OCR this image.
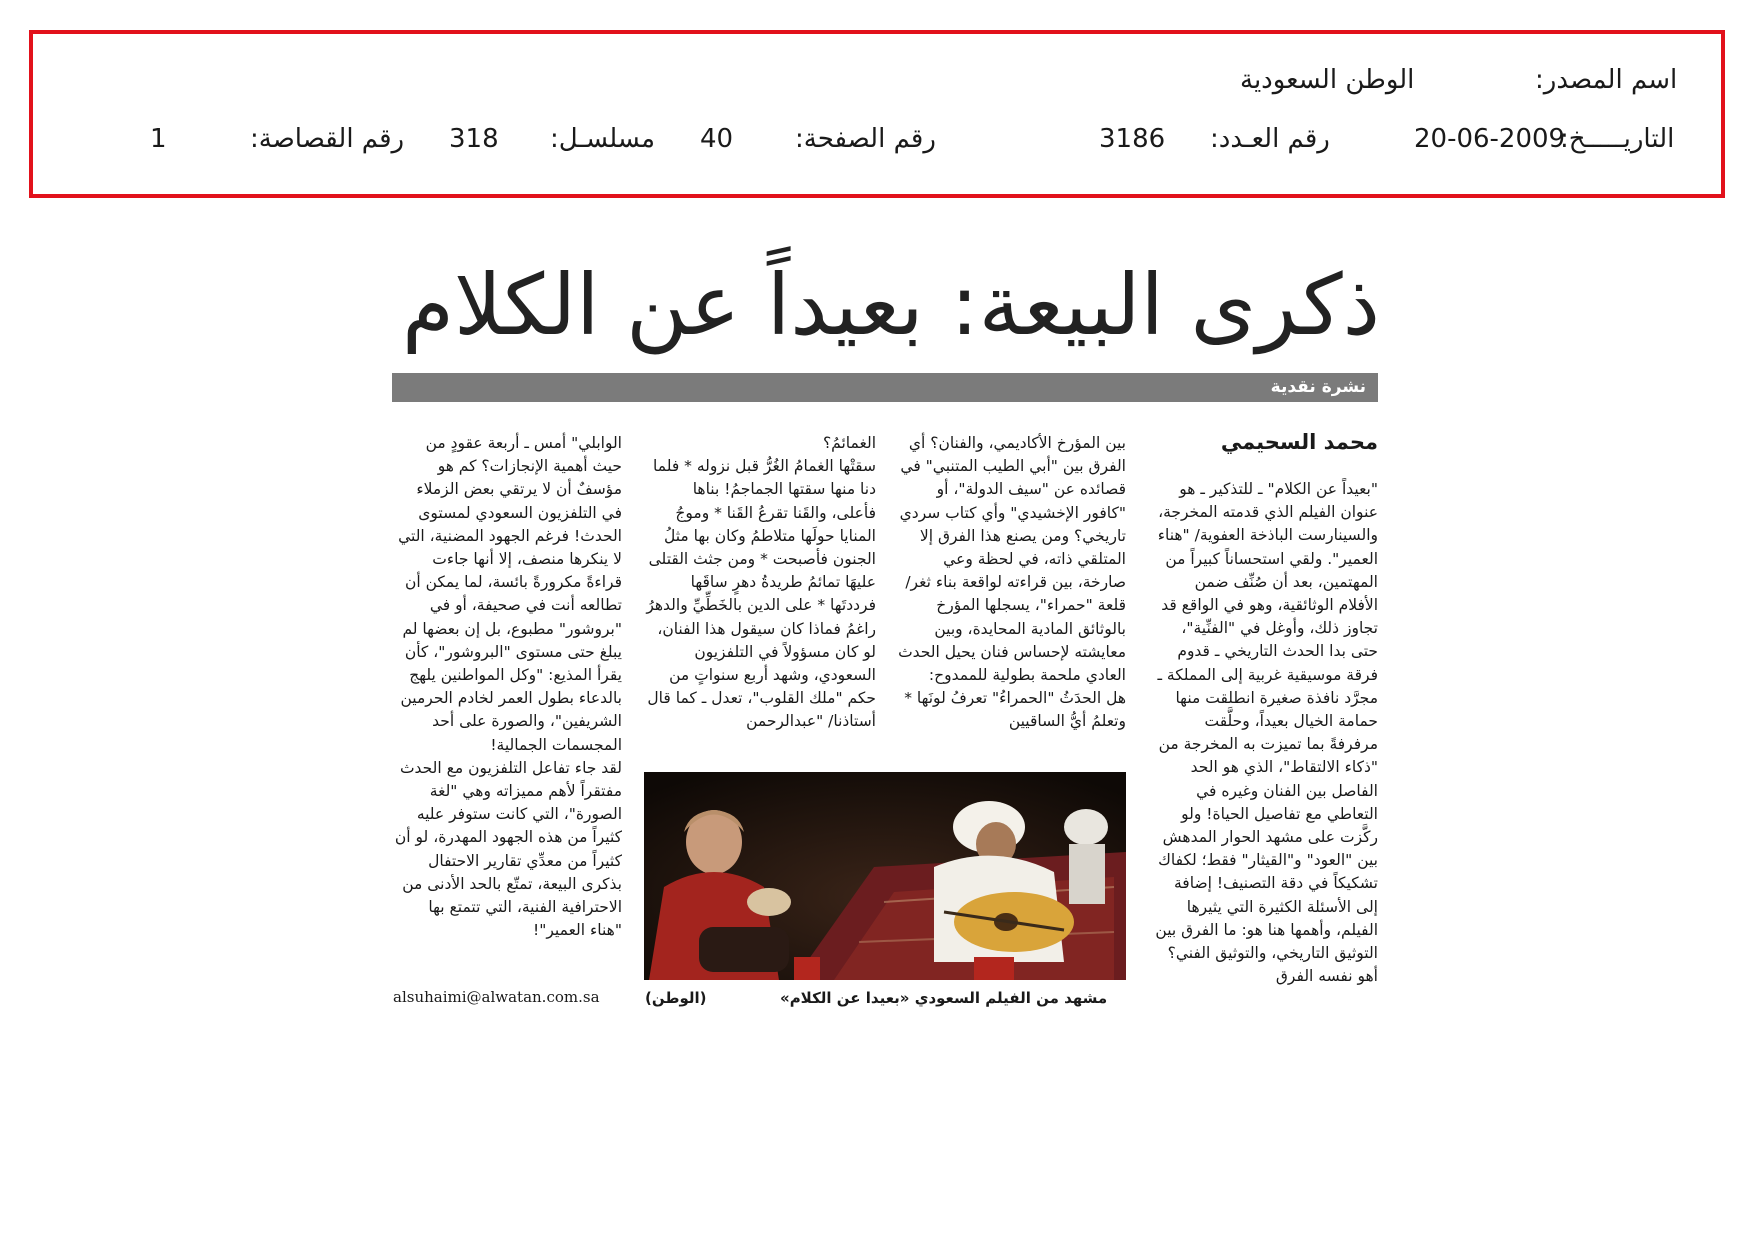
اسم المصدر:
الوطن السعودية
التاريـــــخ:
20-06-2009
رقم العـدد:
3186
رقم الصفحة:
40
مسلسـل:
318
رقم القصاصة:
1
ذكرى البيعة: بعيداً عن الكلام
نشرة نقدية
محمد السحيمي

"بعيداً عن الكلام" ـ للتذكير ـ هو عنوان الفيلم الذي قدمته المخرجة، والسينارست الباذخة العفوية/ "هناء العمير". ولقي استحساناً كبيراً من المهتمين، بعد أن صُنِّف ضمن الأفلام الوثائقية، وهو في الواقع قد تجاوز ذلك، وأوغل في "الفنِّية"، حتى بدا الحدث التاريخي ـ قدوم فرقة موسيقية غربية إلى المملكة ـ مجرَّد نافذة صغيرة انطلقت منها حمامة الخيال بعيداً، وحلَّقت مرفرفةً بما تميزت به المخرجة من "ذكاء الالتقاط"، الذي هو الحد الفاصل بين الفنان وغيره في التعاطي مع تفاصيل الحياة! ولو ركَّزت على مشهد الحوار المدهش بين "العود" و"القيثار" فقط؛ لكفاك تشكيكاً في دقة التصنيف! إضافة إلى الأسئلة الكثيرة التي يثيرها الفيلم، وأهمها هنا هو: ما الفرق بين التوثيق التاريخي، والتوثيق الفني؟ أهو نفسه الفرق

بين المؤرخ الأكاديمي، والفنان؟ أي الفرق بين "أبي الطيب المتنبي" في قصائده عن "سيف الدولة"، أو "كافور الإخشيدي" وأي كتاب سردي تاريخي؟ ومن يصنع هذا الفرق إلا المتلقي ذاته، في لحظة وعي صارخة، بين قراءته لواقعة بناء ثغر/ قلعة "حمراء"، يسجلها المؤرخ بالوثائق المادية المحايدة، وبين معايشته لإحساس فنان يحيل الحدث العادي ملحمة بطولية للممدوح:

هل الحدَثُ "الحمراءُ" تعرفُ لونَها * وتعلمُ أيُّ الساقيين

الغمائمُ؟

سقتْها الغمامُ الغُرُّ قبل نزوله * فلما دنا منها سقتها الجماجمُ! بناها فأعلى، والقَنا تقرعُ القَنا * وموجُ المنايا حولَها متلاطمُ وكان بها مثلُ الجنون فأصبحت * ومن جثث القتلى عليهَا تمائمُ طريدةُ دهرٍ ساقَها فرددتَها * على الدين بالخَطِّيِّ والدهرُ راغمُ فماذا كان سيقول هذا الفنان، لو كان مسؤولاً في التلفزيون السعودي، وشهد أربع سنواتٍ من حكم "ملك القلوب"، تعدل ـ كما قال أستاذنا/ "عبدالرحمن

الوابلي" أمس ـ أربعة عقودٍ من حيث أهمية الإنجازات؟ كم هو مؤسفٌ أن لا يرتقي بعض الزملاء في التلفزيون السعودي لمستوى الحدث! فرغم الجهود المضنية، التي لا ينكرها منصف، إلا أنها جاءت قراءةً مكرورةً بائسة، لما يمكن أن تطالعه أنت في صحيفة، أو في "بروشور" مطبوع، بل إن بعضها لم يبلغ حتى مستوى "البروشور"، كأن يقرأ المذيع: "وكل المواطنين يلهج بالدعاء بطول العمر لخادم الحرمين الشريفين"، والصورة على أحد المجسمات الجمالية!

لقد جاء تفاعل التلفزيون مع الحدث مفتقراً لأهم مميزاته وهي "لغة الصورة"، التي كانت ستوفر عليه كثيراً من هذه الجهود المهدرة، لو أن كثيراً من معدِّي تقارير الاحتفال بذكرى البيعة، تمتّع بالحد الأدنى من الاحترافية الفنية، التي تتمتع بها "هناء العمير"!

مشهد من الفيلم السعودي «بعيدا عن الكلام»
(الوطن)
alsuhaimi@alwatan.com.sa
